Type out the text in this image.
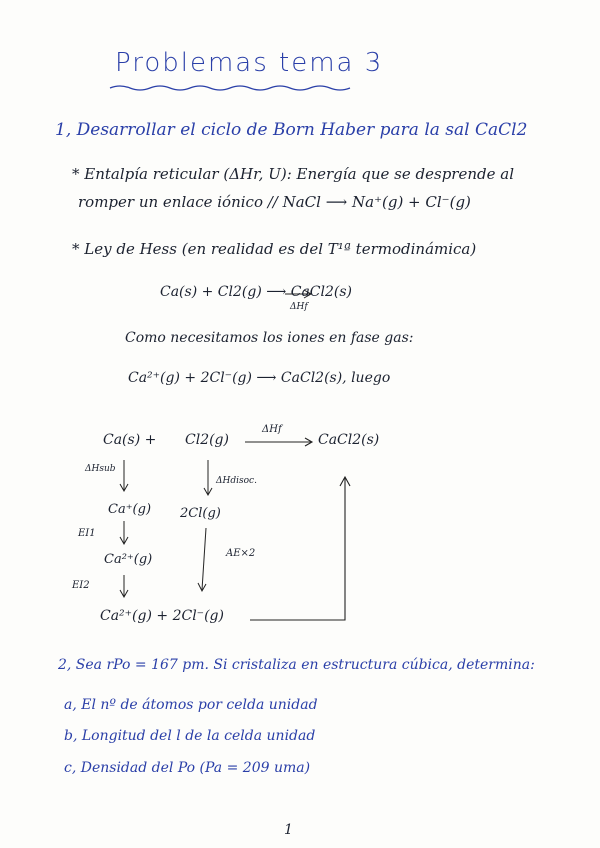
Problemas tema 3
1, Desarrollar el ciclo de Born Haber para la sal CaCl2
* Entalpía reticular (ΔHr, U): Energía que se desprende al
romper un enlace iónico // NaCl ⟶ Na⁺(g) + Cl⁻(g)
* Ley de Hess (en realidad es del T¹ª termodinámica)
Ca(s) + Cl2(g) ⟶ CaCl2(s)
ΔHf
Como necesitamos los iones en fase gas:
Ca²⁺(g) + 2Cl⁻(g) ⟶ CaCl2(s), luego
Ca(s) + Cl2(g)
ΔHf
CaCl2(s)
ΔHsub
ΔHdisoc.
Ca⁺(g) 2Cl(g)
EI1
Ca²⁺(g)	AE×2
EI2
Ca²⁺(g) + 2Cl⁻(g)
2, Sea rPo = 167 pm. Si cristaliza en estructura cúbica, determina:
a, El nº de átomos por celda unidad
b, Longitud del l de la celda unidad
c, Densidad del Po (Pa = 209 uma)
1
